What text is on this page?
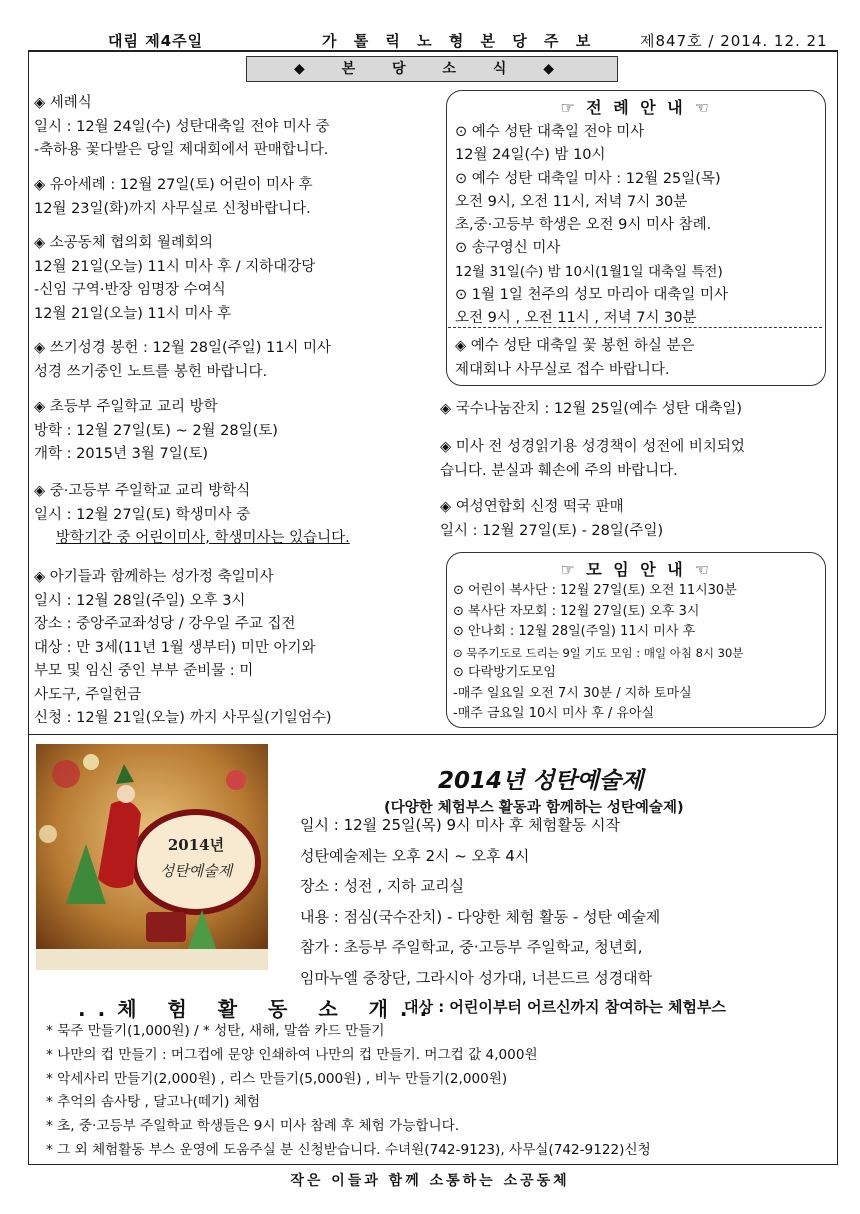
대림 제4주일	가 톨 릭 노 형 본 당 주 보	제847호 / 2014. 12. 21
◆ 본 당 소 식 ◆
◈ 세례식
일시 : 12월 24일(수) 성탄대축일 전야 미사 중
-축하용 꽃다발은 당일 제대회에서 판매합니다.
◈ 유아세례 : 12월 27일(토) 어린이 미사 후
12월 23일(화)까지 사무실로 신청바랍니다.
◈ 소공동체 협의회 월례회의
12월 21일(오늘) 11시 미사 후 / 지하대강당
-신임 구역·반장 임명장 수여식
12월 21일(오늘) 11시 미사 후
◈ 쓰기성경 봉헌 : 12월 28일(주일) 11시 미사
성경 쓰기중인 노트를 봉헌 바랍니다.
◈ 초등부 주일학교 교리 방학
방학 : 12월 27일(토) ~ 2월 28일(토)
개학 : 2015년 3월 7일(토)
◈ 중·고등부 주일학교 교리 방학식
일시 : 12월 27일(토) 학생미사 중
방학기간 중 어린이미사, 학생미사는 있습니다.
◈ 아기들과 함께하는 성가정 축일미사
일시 : 12월 28일(주일) 오후 3시
장소 : 중앙주교좌성당 / 강우일 주교 집전
대상 : 만 3세(11년 1월 생부터) 미만 아기와
부모 및 임신 중인 부부 준비물 : 미
사도구, 주일헌금
신청 : 12월 21일(오늘) 까지 사무실(기일엄수)
☞ 전 례 안 내 ☜
⊙ 예수 성탄 대축일 전야 미사
12월 24일(수) 밤 10시
⊙ 예수 성탄 대축일 미사 : 12월 25일(목)
오전 9시, 오전 11시, 저녁 7시 30분
초,중·고등부 학생은 오전 9시 미사 참례.
⊙ 송구영신 미사
12월 31일(수) 밤 10시(1월1일 대축일 특전)
⊙ 1월 1일 천주의 성모 마리아 대축일 미사
오전 9시 , 오전 11시 , 저녁 7시 30분
◈ 예수 성탄 대축일 꽃 봉헌 하실 분은
제대회나 사무실로 접수 바랍니다.
◈ 국수나눔잔치 : 12월 25일(예수 성탄 대축일)
◈ 미사 전 성경읽기용 성경책이 성전에 비치되었
습니다. 분실과 훼손에 주의 바랍니다.
◈ 여성연합회 신정 떡국 판매
일시 : 12월 27일(토) - 28일(주일)
☞ 모 임 안 내 ☜
⊙ 어린이 복사단 : 12월 27일(토) 오전 11시30분
⊙ 복사단 자모회 : 12월 27일(토) 오후 3시
⊙ 안나회 : 12월 28일(주일) 11시 미사 후
⊙ 묵주기도로 드리는 9일 기도 모임 : 매일 아침 8시 30분
⊙ 다락방기도모임
-매주 일요일 오전 7시 30분 / 지하 토마실
-매주 금요일 10시 미사 후 / 유아실
2014년
성탄예술제
2014년 성탄예술제
(다양한 체험부스 활동과 함께하는 성탄예술제)
일시 : 12월 25일(목) 9시 미사 후 체험활동 시작
성탄예술제는 오후 2시 ~ 오후 4시
장소 : 성전 , 지하 교리실
내용 : 점심(국수잔치) - 다양한 체험 활동 - 성탄 예술제
참가 : 초등부 주일학교, 중·고등부 주일학교, 청년회,
임마누엘 중창단, 그라시아 성가대, 너븐드르 성경대학
..체 험 활 동 소 개..
대상 : 어린이부터 어르신까지 참여하는 체험부스
* 묵주 만들기(1,000원) / * 성탄, 새해, 말씀 카드 만들기
* 나만의 컵 만들기 : 머그컵에 문양 인쇄하여 나만의 컵 만들기. 머그컵 값 4,000원
* 악세사리 만들기(2,000원) , 리스 만들기(5,000원) , 비누 만들기(2,000원)
* 추억의 솜사탕 , 달고나(떼기) 체험
* 초, 중·고등부 주일학교 학생들은 9시 미사 참례 후 체험 가능합니다.
* 그 외 체험활동 부스 운영에 도움주실 분 신청받습니다. 수녀원(742-9123), 사무실(742-9122)신청
작은 이들과 함께 소통하는 소공동체
